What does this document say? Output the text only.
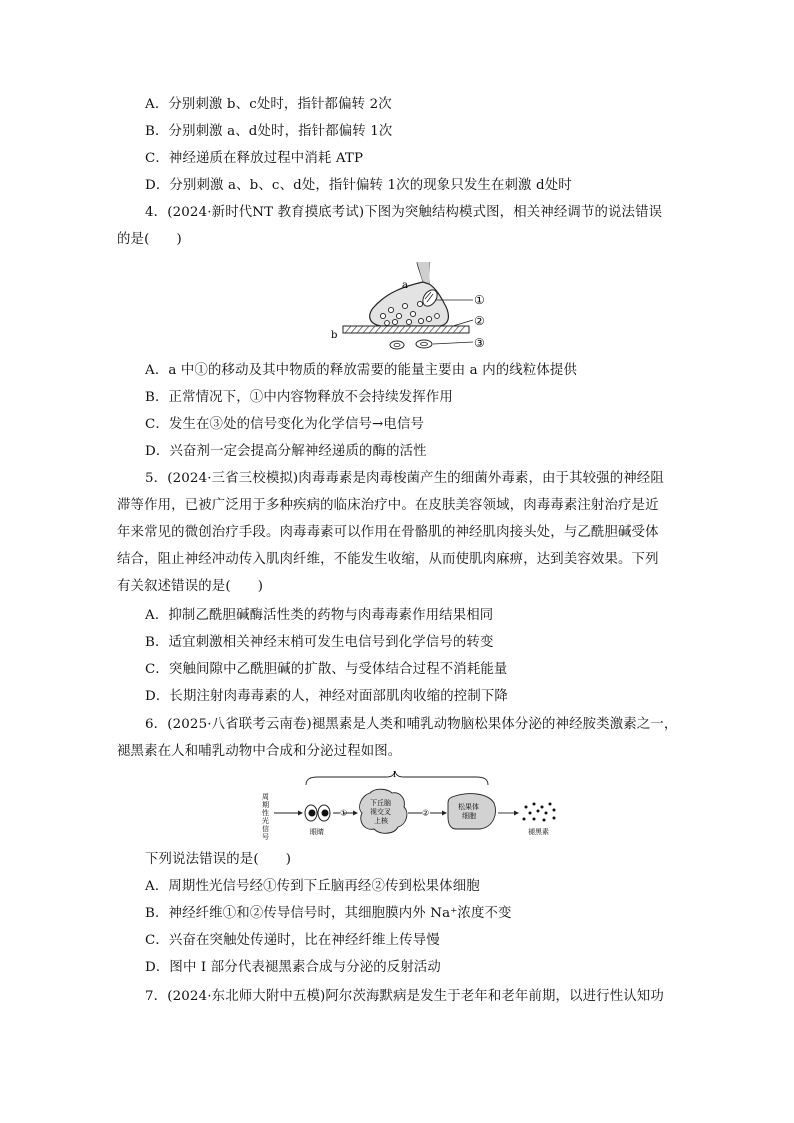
A．分别刺激 b、c处时，指针都偏转 2次
B．分别刺激 a、d处时，指针都偏转 1次
C．神经递质在释放过程中消耗 ATP
D．分别刺激 a、b、c、d处，指针偏转 1次的现象只发生在刺激 d处时
4．(2024·新时代NT 教育摸底考试)下图为突触结构模式图，相关神经调节的说法错误
的是(　　)
a
b
①
②
③
A．a 中①的移动及其中物质的释放需要的能量主要由 a 内的线粒体提供
B．正常情况下，①中内容物释放不会持续发挥作用
C．发生在③处的信号变化为化学信号→电信号
D．兴奋剂一定会提高分解神经递质的酶的活性
5．(2024·三省三校模拟)肉毒毒素是肉毒梭菌产生的细菌外毒素，由于其较强的神经阻
滞等作用，已被广泛用于多种疾病的临床治疗中。在皮肤美容领域，肉毒毒素注射治疗是近
年来常见的微创治疗手段。肉毒毒素可以作用在骨骼肌的神经肌肉接头处，与乙酰胆碱受体
结合，阻止神经冲动传入肌肉纤维，不能发生收缩，从而使肌肉麻痹，达到美容效果。下列
有关叙述错误的是(　　)
A．抑制乙酰胆碱酶活性类的药物与肉毒毒素作用结果相同
B．适宜刺激相关神经末梢可发生电信号到化学信号的转变
C．突触间隙中乙酰胆碱的扩散、与受体结合过程不消耗能量
D．长期注射肉毒毒素的人，神经对面部肌肉收缩的控制下降
6．(2025·八省联考云南卷)褪黑素是人类和哺乳动物脑松果体分泌的神经胺类激素之一，
褪黑素在人和哺乳动物中合成和分泌过程如图。
Ⅰ
周
期
性
光
信
号
眼睛
①
下丘脑
视交叉
上核
②
松果体
细胞
褪黑素
下列说法错误的是(　　)
A．周期性光信号经①传到下丘脑再经②传到松果体细胞
B．神经纤维①和②传导信号时，其细胞膜内外 Na⁺浓度不变
C．兴奋在突触处传递时，比在神经纤维上传导慢
D．图中 Ⅰ 部分代表褪黑素合成与分泌的反射活动
7．(2024·东北师大附中五模)阿尔茨海默病是发生于老年和老年前期，以进行性认知功
